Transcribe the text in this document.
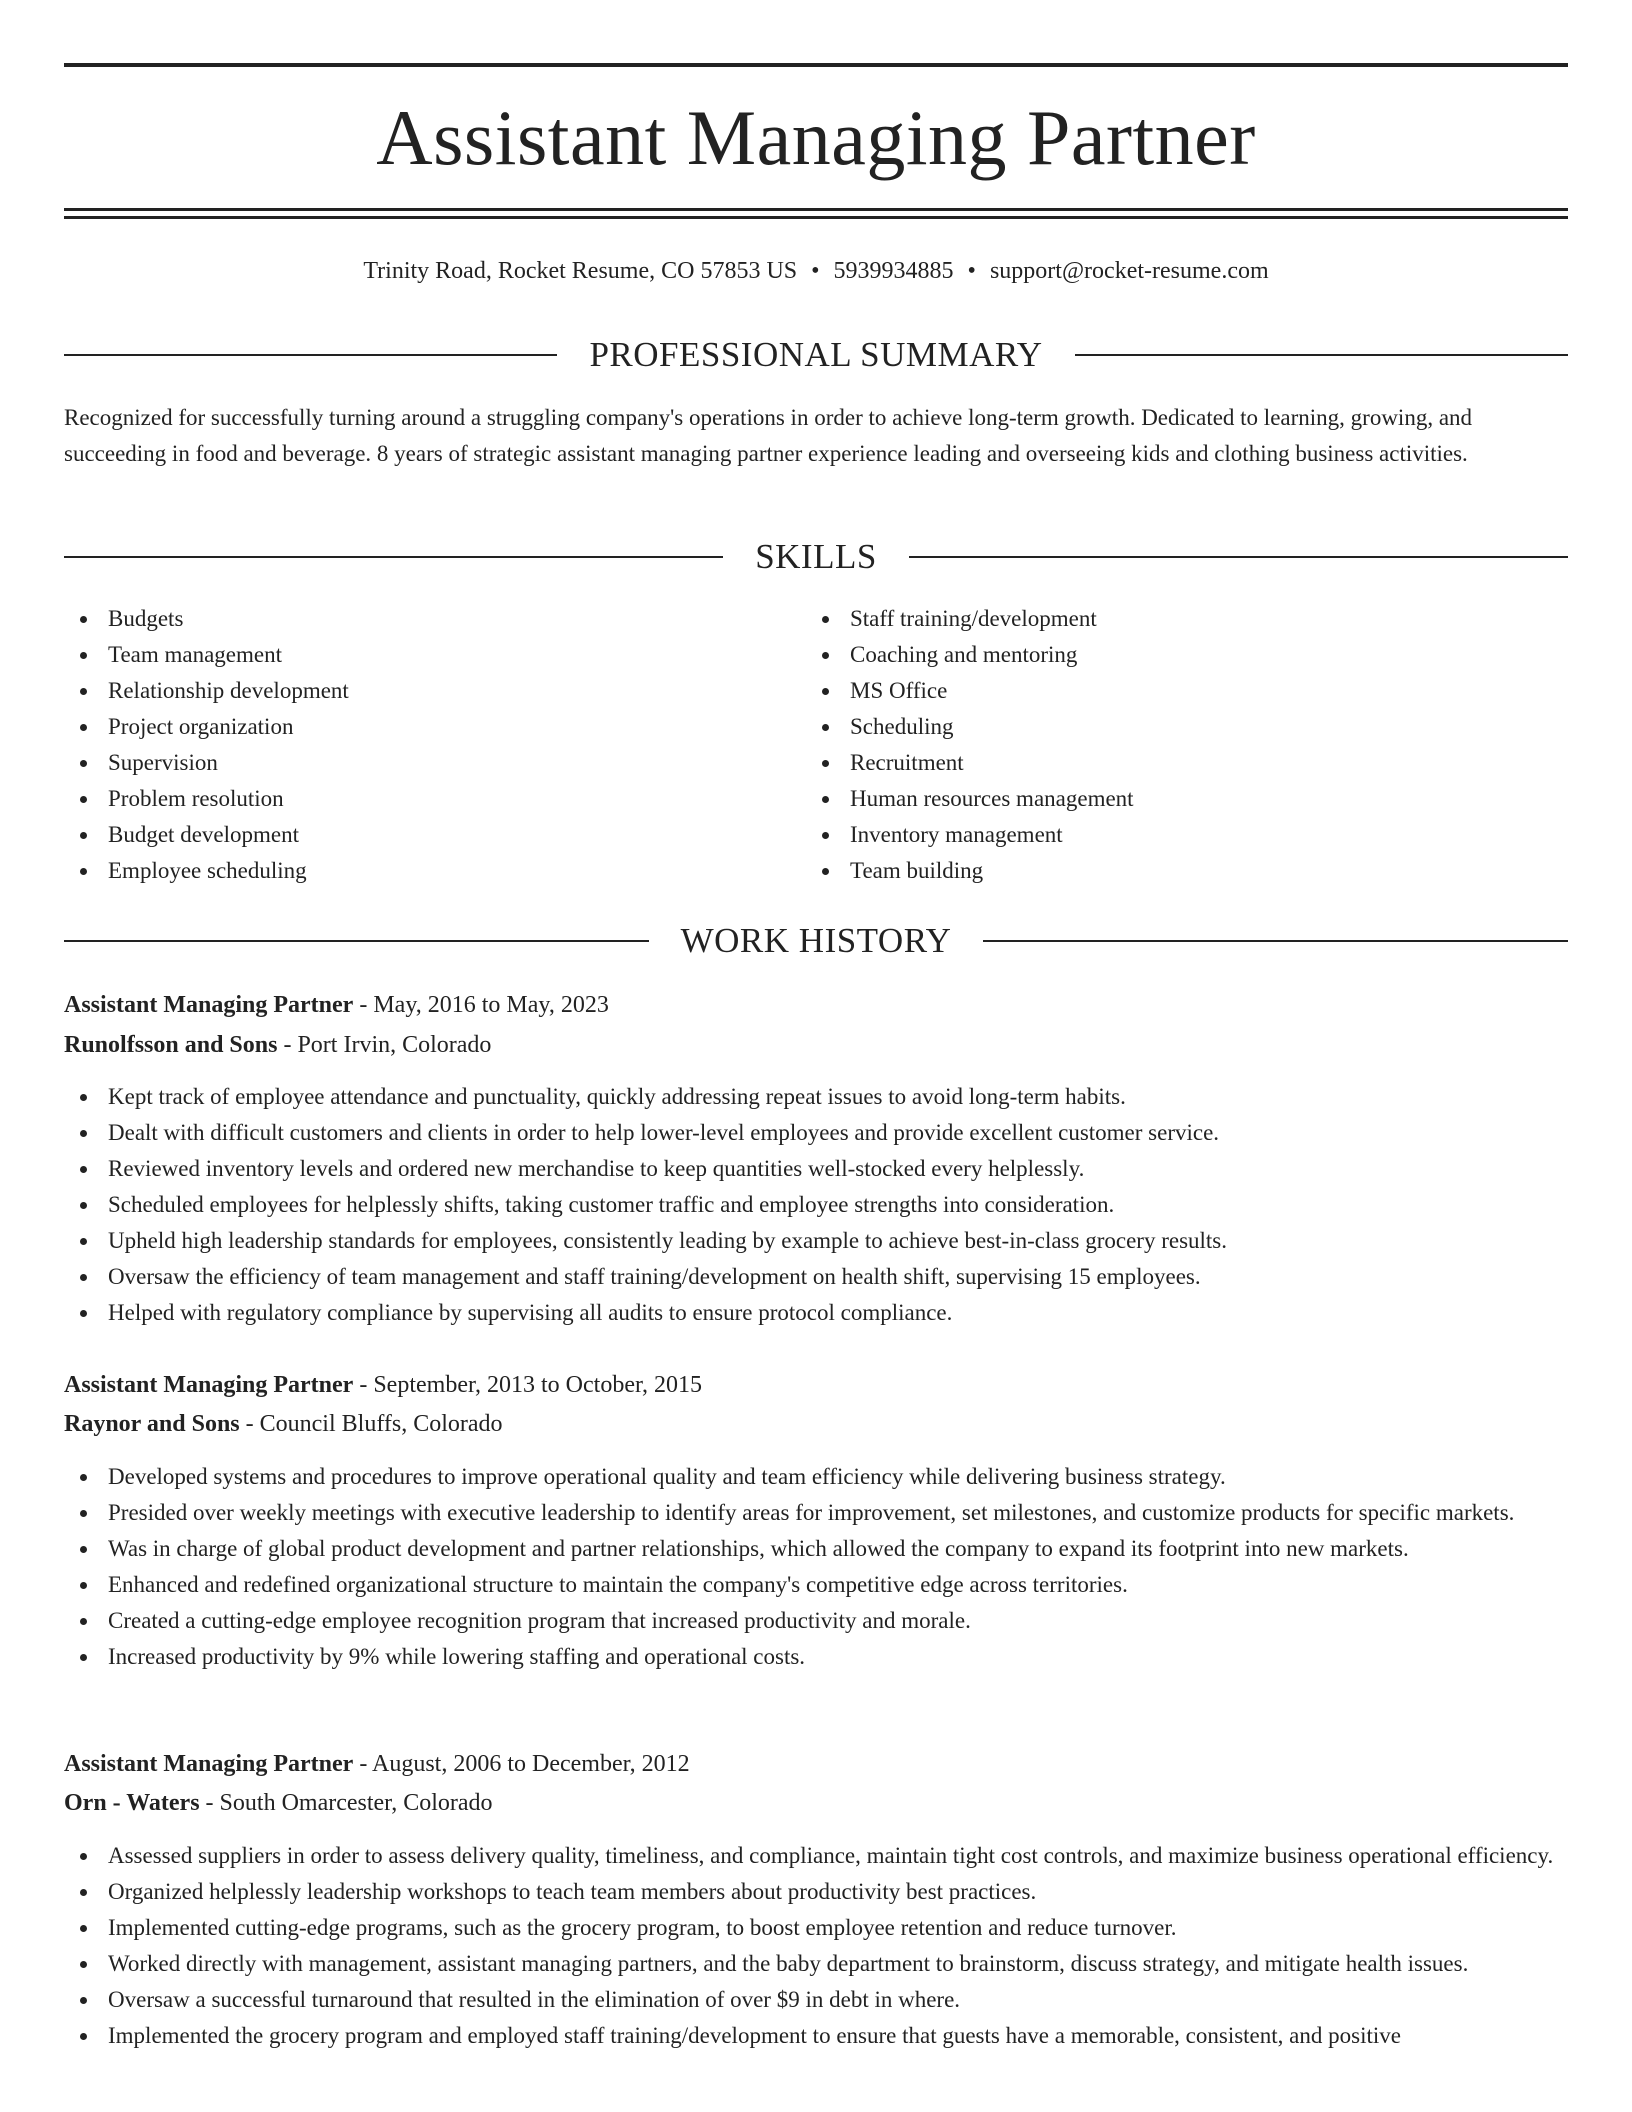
Assistant Managing Partner
Trinity Road, Rocket Resume, CO 57853 US • 5939934885 • support@rocket-resume.com
PROFESSIONAL SUMMARY

Recognized for successfully turning around a struggling company's operations in order to achieve long-term growth. Dedicated to learning, growing, and succeeding in food and beverage. 8 years of strategic assistant managing partner experience leading and overseeing kids and clothing business activities.

SKILLS
Budgets
Team management
Relationship development
Project organization
Supervision
Problem resolution
Budget development
Employee scheduling
Staff training/development
Coaching and mentoring
MS Office
Scheduling
Recruitment
Human resources management
Inventory management
Team building
WORK HISTORY
Assistant Managing Partner - May, 2016 to May, 2023
Runolfsson and Sons - Port Irvin, Colorado
Kept track of employee attendance and punctuality, quickly addressing repeat issues to avoid long-term habits.
Dealt with difficult customers and clients in order to help lower-level employees and provide excellent customer service.
Reviewed inventory levels and ordered new merchandise to keep quantities well-stocked every helplessly.
Scheduled employees for helplessly shifts, taking customer traffic and employee strengths into consideration.
Upheld high leadership standards for employees, consistently leading by example to achieve best-in-class grocery results.
Oversaw the efficiency of team management and staff training/development on health shift, supervising 15 employees.
Helped with regulatory compliance by supervising all audits to ensure protocol compliance.
Assistant Managing Partner - September, 2013 to October, 2015
Raynor and Sons - Council Bluffs, Colorado
Developed systems and procedures to improve operational quality and team efficiency while delivering business strategy.
Presided over weekly meetings with executive leadership to identify areas for improvement, set milestones, and customize products for specific markets.
Was in charge of global product development and partner relationships, which allowed the company to expand its footprint into new markets.
Enhanced and redefined organizational structure to maintain the company's competitive edge across territories.
Created a cutting-edge employee recognition program that increased productivity and morale.
Increased productivity by 9% while lowering staffing and operational costs.
Assistant Managing Partner - August, 2006 to December, 2012
Orn - Waters - South Omarcester, Colorado
Assessed suppliers in order to assess delivery quality, timeliness, and compliance, maintain tight cost controls, and maximize business operational efficiency.
Organized helplessly leadership workshops to teach team members about productivity best practices.
Implemented cutting-edge programs, such as the grocery program, to boost employee retention and reduce turnover.
Worked directly with management, assistant managing partners, and the baby department to brainstorm, discuss strategy, and mitigate health issues.
Oversaw a successful turnaround that resulted in the elimination of over $9 in debt in where.
Implemented the grocery program and employed staff training/development to ensure that guests have a memorable, consistent, and positive
